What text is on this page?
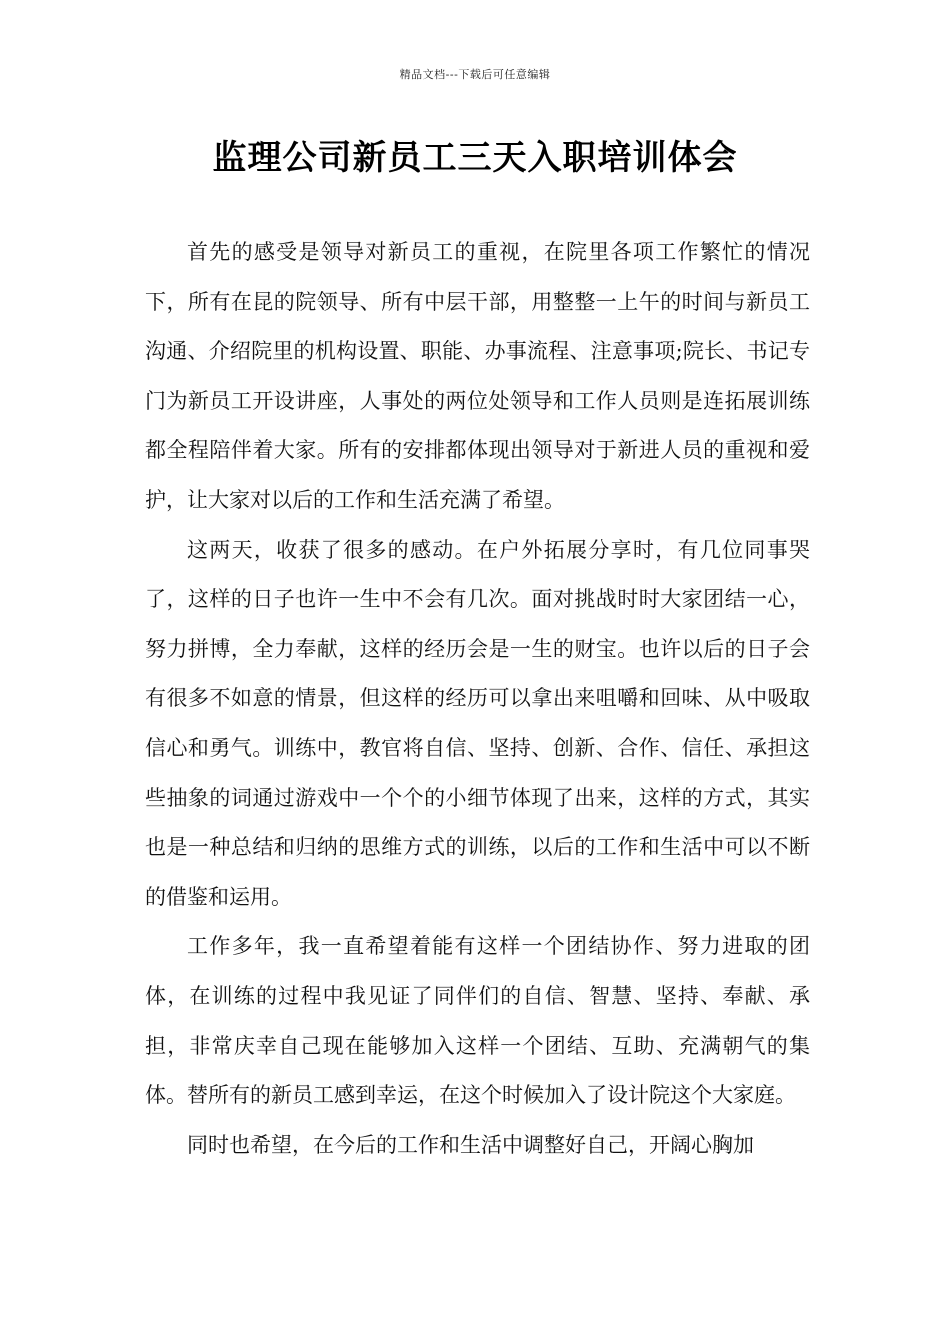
精品文档---下载后可任意编辑
监理公司新员工三天入职培训体会

首先的感受是领导对新员工的重视，在院里各项工作繁忙的情况下，所有在昆的院领导、所有中层干部，用整整一上午的时间与新员工沟通、介绍院里的机构设置、职能、办事流程、注意事项;院长、书记专门为新员工开设讲座，人事处的两位处领导和工作人员则是连拓展训练都全程陪伴着大家。所有的安排都体现出领导对于新进人员的重视和爱护，让大家对以后的工作和生活充满了希望。

这两天，收获了很多的感动。在户外拓展分享时，有几位同事哭了，这样的日子也许一生中不会有几次。面对挑战时时大家团结一心，努力拼博，全力奉献，这样的经历会是一生的财宝。也许以后的日子会有很多不如意的情景，但这样的经历可以拿出来咀嚼和回味、从中吸取信心和勇气。训练中，教官将自信、坚持、创新、合作、信任、承担这些抽象的词通过游戏中一个个的小细节体现了出来，这样的方式，其实也是一种总结和归纳的思维方式的训练，以后的工作和生活中可以不断的借鉴和运用。

工作多年，我一直希望着能有这样一个团结协作、努力进取的团体，在训练的过程中我见证了同伴们的自信、智慧、坚持、奉献、承担，非常庆幸自己现在能够加入这样一个团结、互助、充满朝气的集体。替所有的新员工感到幸运，在这个时候加入了设计院这个大家庭。

同时也希望，在今后的工作和生活中调整好自己，开阔心胸加
